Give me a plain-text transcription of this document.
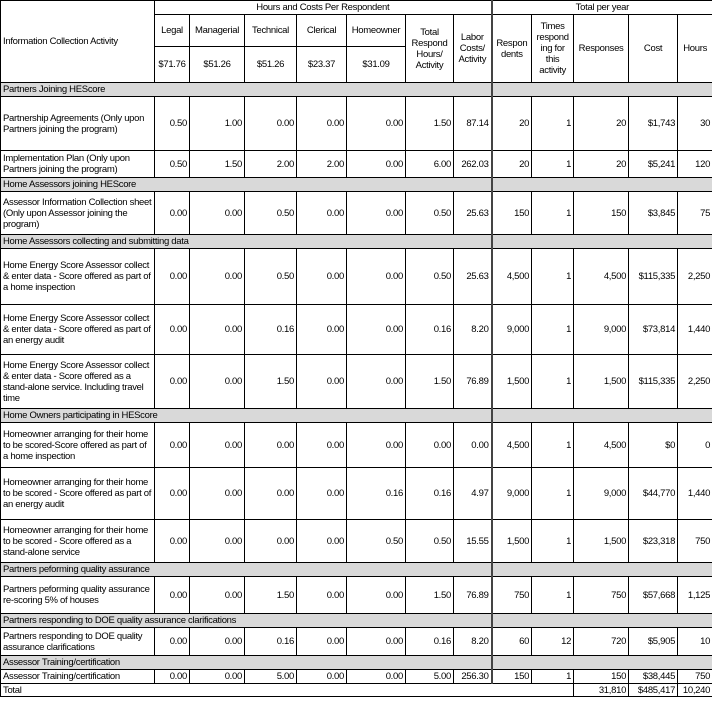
Information Collection Activity	Hours and Costs Per Respondent							Total per year				
	Legal	Managerial	Technical	Clerical	Homeowner	Total Respond Hours/ Activity	Labor Costs/ Activity	Respon dents	Times respond ing for this activity	Responses	Cost	Hours
	$71.76	$51.26	$51.26	$23.37	$31.09							
Partners Joining HEScore												
Partnership Agreements (Only upon Partners joining the program)	0.50	1.00	0.00	0.00	0.00	1.50	87.14	20	1	20	$1,743	30
Implementation Plan (Only upon Partners joining the program)	0.50	1.50	2.00	2.00	0.00	6.00	262.03	20	1	20	$5,241	120
Home Assessors joining HEScore												
Assessor Information Collection sheet (Only upon Assessor joining the program)	0.00	0.00	0.50	0.00	0.00	0.50	25.63	150	1	150	$3,845	75
Home Assessors collecting and submitting data												
Home Energy Score Assessor collect & enter data - Score offered as part of a home inspection	0.00	0.00	0.50	0.00	0.00	0.50	25.63	4,500	1	4,500	$115,335	2,250
Home Energy Score Assessor collect & enter data - Score offered as part of an energy audit	0.00	0.00	0.16	0.00	0.00	0.16	8.20	9,000	1	9,000	$73,814	1,440
Home Energy Score Assessor collect & enter data - Score offered as a stand-alone service. Including travel time	0.00	0.00	1.50	0.00	0.00	1.50	76.89	1,500	1	1,500	$115,335	2,250
Home Owners participating in HEScore												
Homeowner arranging for their home to be scored-Score offered as part of a home inspection	0.00	0.00	0.00	0.00	0.00	0.00	0.00	4,500	1	4,500	$0	0
Homeowner arranging for their home to be scored - Score offered as part of an energy audit	0.00	0.00	0.00	0.00	0.16	0.16	4.97	9,000	1	9,000	$44,770	1,440
Homeowner arranging for their home to be scored - Score offered as a stand-alone service	0.00	0.00	0.00	0.00	0.50	0.50	15.55	1,500	1	1,500	$23,318	750
Partners peforming quality assurance												
Partners peforming quality assurance re-scoring 5% of houses	0.00	0.00	1.50	0.00	0.00	1.50	76.89	750	1	750	$57,668	1,125
Partners responding to DOE quality assurance clarifications												
Partners responding to DOE quality assurance clarifications	0.00	0.00	0.16	0.00	0.00	0.16	8.20	60	12	720	$5,905	10
Assessor Training/certification												
Assessor Training/certification	0.00	0.00	5.00	0.00	0.00	5.00	256.30	150	1	150	$38,445	750
Total										31,810	$485,417	10,240
